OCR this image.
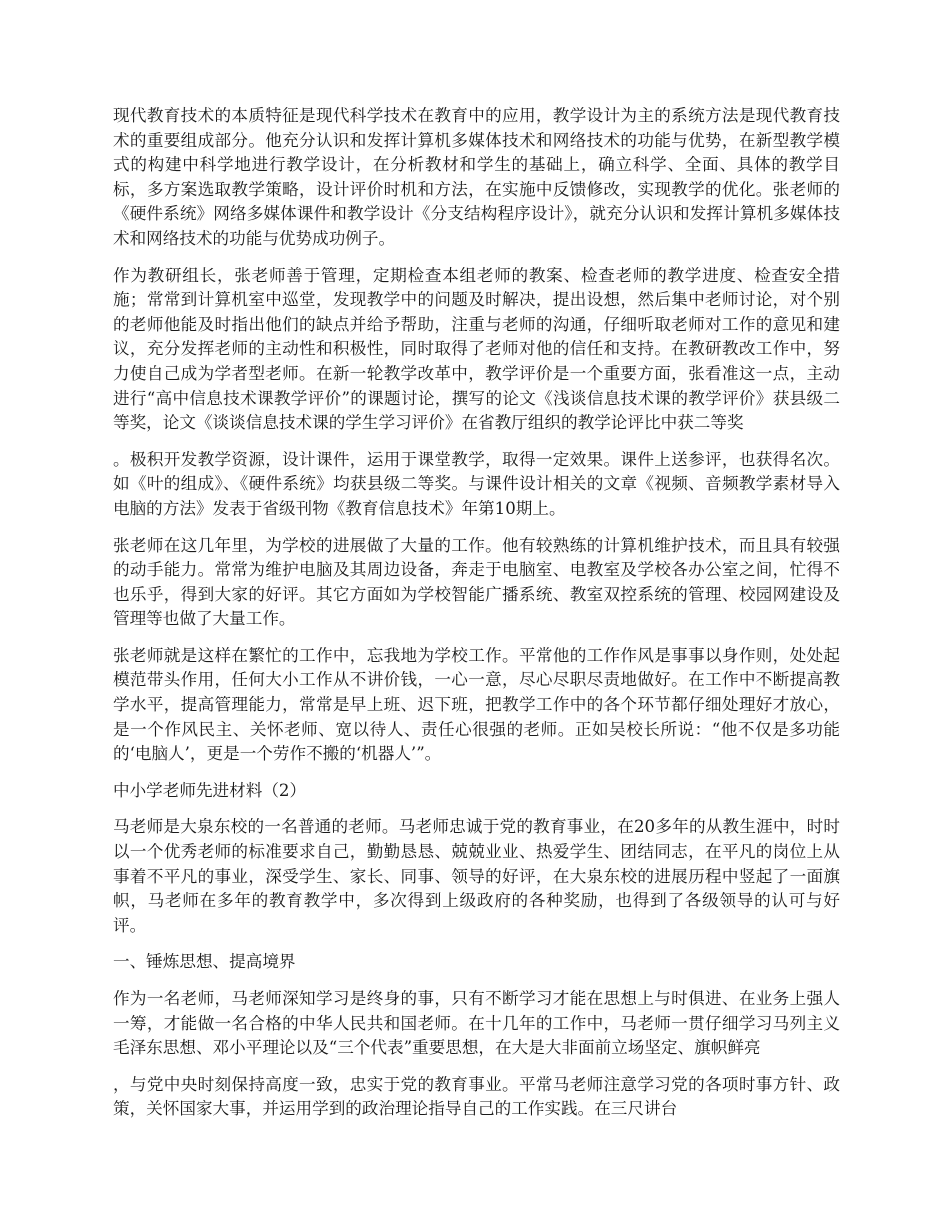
现代教育技术的本质特征是现代科学技术在教育中的应用，教学设计为主的系统方法是现代教育技术的重要组成部分。他充分认识和发挥计算机多媒体技术和网络技术的功能与优势，在新型教学模式的构建中科学地进行教学设计，在分析教材和学生的基础上，确立科学、全面、具体的教学目标，多方案选取教学策略，设计评价时机和方法，在实施中反馈修改，实现教学的优化。张老师的《硬件系统》网络多媒体课件和教学设计《分支结构程序设计》，就充分认识和发挥计算机多媒体技术和网络技术的功能与优势成功例子。

作为教研组长，张老师善于管理，定期检查本组老师的教案、检查老师的教学进度、检查安全措施；常常到计算机室中巡堂，发现教学中的问题及时解决，提出设想，然后集中老师讨论，对个别的老师他能及时指出他们的缺点并给予帮助，注重与老师的沟通，仔细听取老师对工作的意见和建议，充分发挥老师的主动性和积极性，同时取得了老师对他的信任和支持。在教研教改工作中，努力使自己成为学者型老师。在新一轮教学改革中，教学评价是一个重要方面，张看准这一点，主动进行“高中信息技术课教学评价”的课题讨论，撰写的论文《浅谈信息技术课的教学评价》获县级二等奖，论文《谈谈信息技术课的学生学习评价》在省教厅组织的教学论评比中获二等奖

。极积开发教学资源，设计课件，运用于课堂教学，取得一定效果。课件上送参评，也获得名次。如《叶的组成》、《硬件系统》均获县级二等奖。与课件设计相关的文章《视频、音频教学素材导入电脑的方法》发表于省级刊物《教育信息技术》年第10期上。

张老师在这几年里，为学校的进展做了大量的工作。他有较熟练的计算机维护技术，而且具有较强的动手能力。常常为维护电脑及其周边设备，奔走于电脑室、电教室及学校各办公室之间，忙得不也乐乎，得到大家的好评。其它方面如为学校智能广播系统、教室双控系统的管理、校园网建设及管理等也做了大量工作。

张老师就是这样在繁忙的工作中，忘我地为学校工作。平常他的工作作风是事事以身作则，处处起模范带头作用，任何大小工作从不讲价钱，一心一意，尽心尽职尽责地做好。在工作中不断提高教学水平，提高管理能力，常常是早上班、迟下班，把教学工作中的各个环节都仔细处理好才放心，是一个作风民主、关怀老师、宽以待人、责任心很强的老师。正如吴校长所说：“他不仅是多功能的‘电脑人’，更是一个劳作不搬的‘机器人’”。

中小学老师先进材料（2）

马老师是大泉东校的一名普通的老师。马老师忠诚于党的教育事业，在20多年的从教生涯中，时时以一个优秀老师的标准要求自己，勤勤恳恳、兢兢业业、热爱学生、团结同志，在平凡的岗位上从事着不平凡的事业，深受学生、家长、同事、领导的好评，在大泉东校的进展历程中竖起了一面旗帜，马老师在多年的教育教学中，多次得到上级政府的各种奖励，也得到了各级领导的认可与好评。

一、锤炼思想、提高境界

作为一名老师，马老师深知学习是终身的事，只有不断学习才能在思想上与时俱进、在业务上强人一筹，才能做一名合格的中华人民共和国老师。在十几年的工作中，马老师一贯仔细学习马列主义毛泽东思想、邓小平理论以及“三个代表”重要思想，在大是大非面前立场坚定、旗帜鲜亮

，与党中央时刻保持高度一致，忠实于党的教育事业。平常马老师注意学习党的各项时事方针、政策，关怀国家大事，并运用学到的政治理论指导自己的工作实践。在三尺讲台
